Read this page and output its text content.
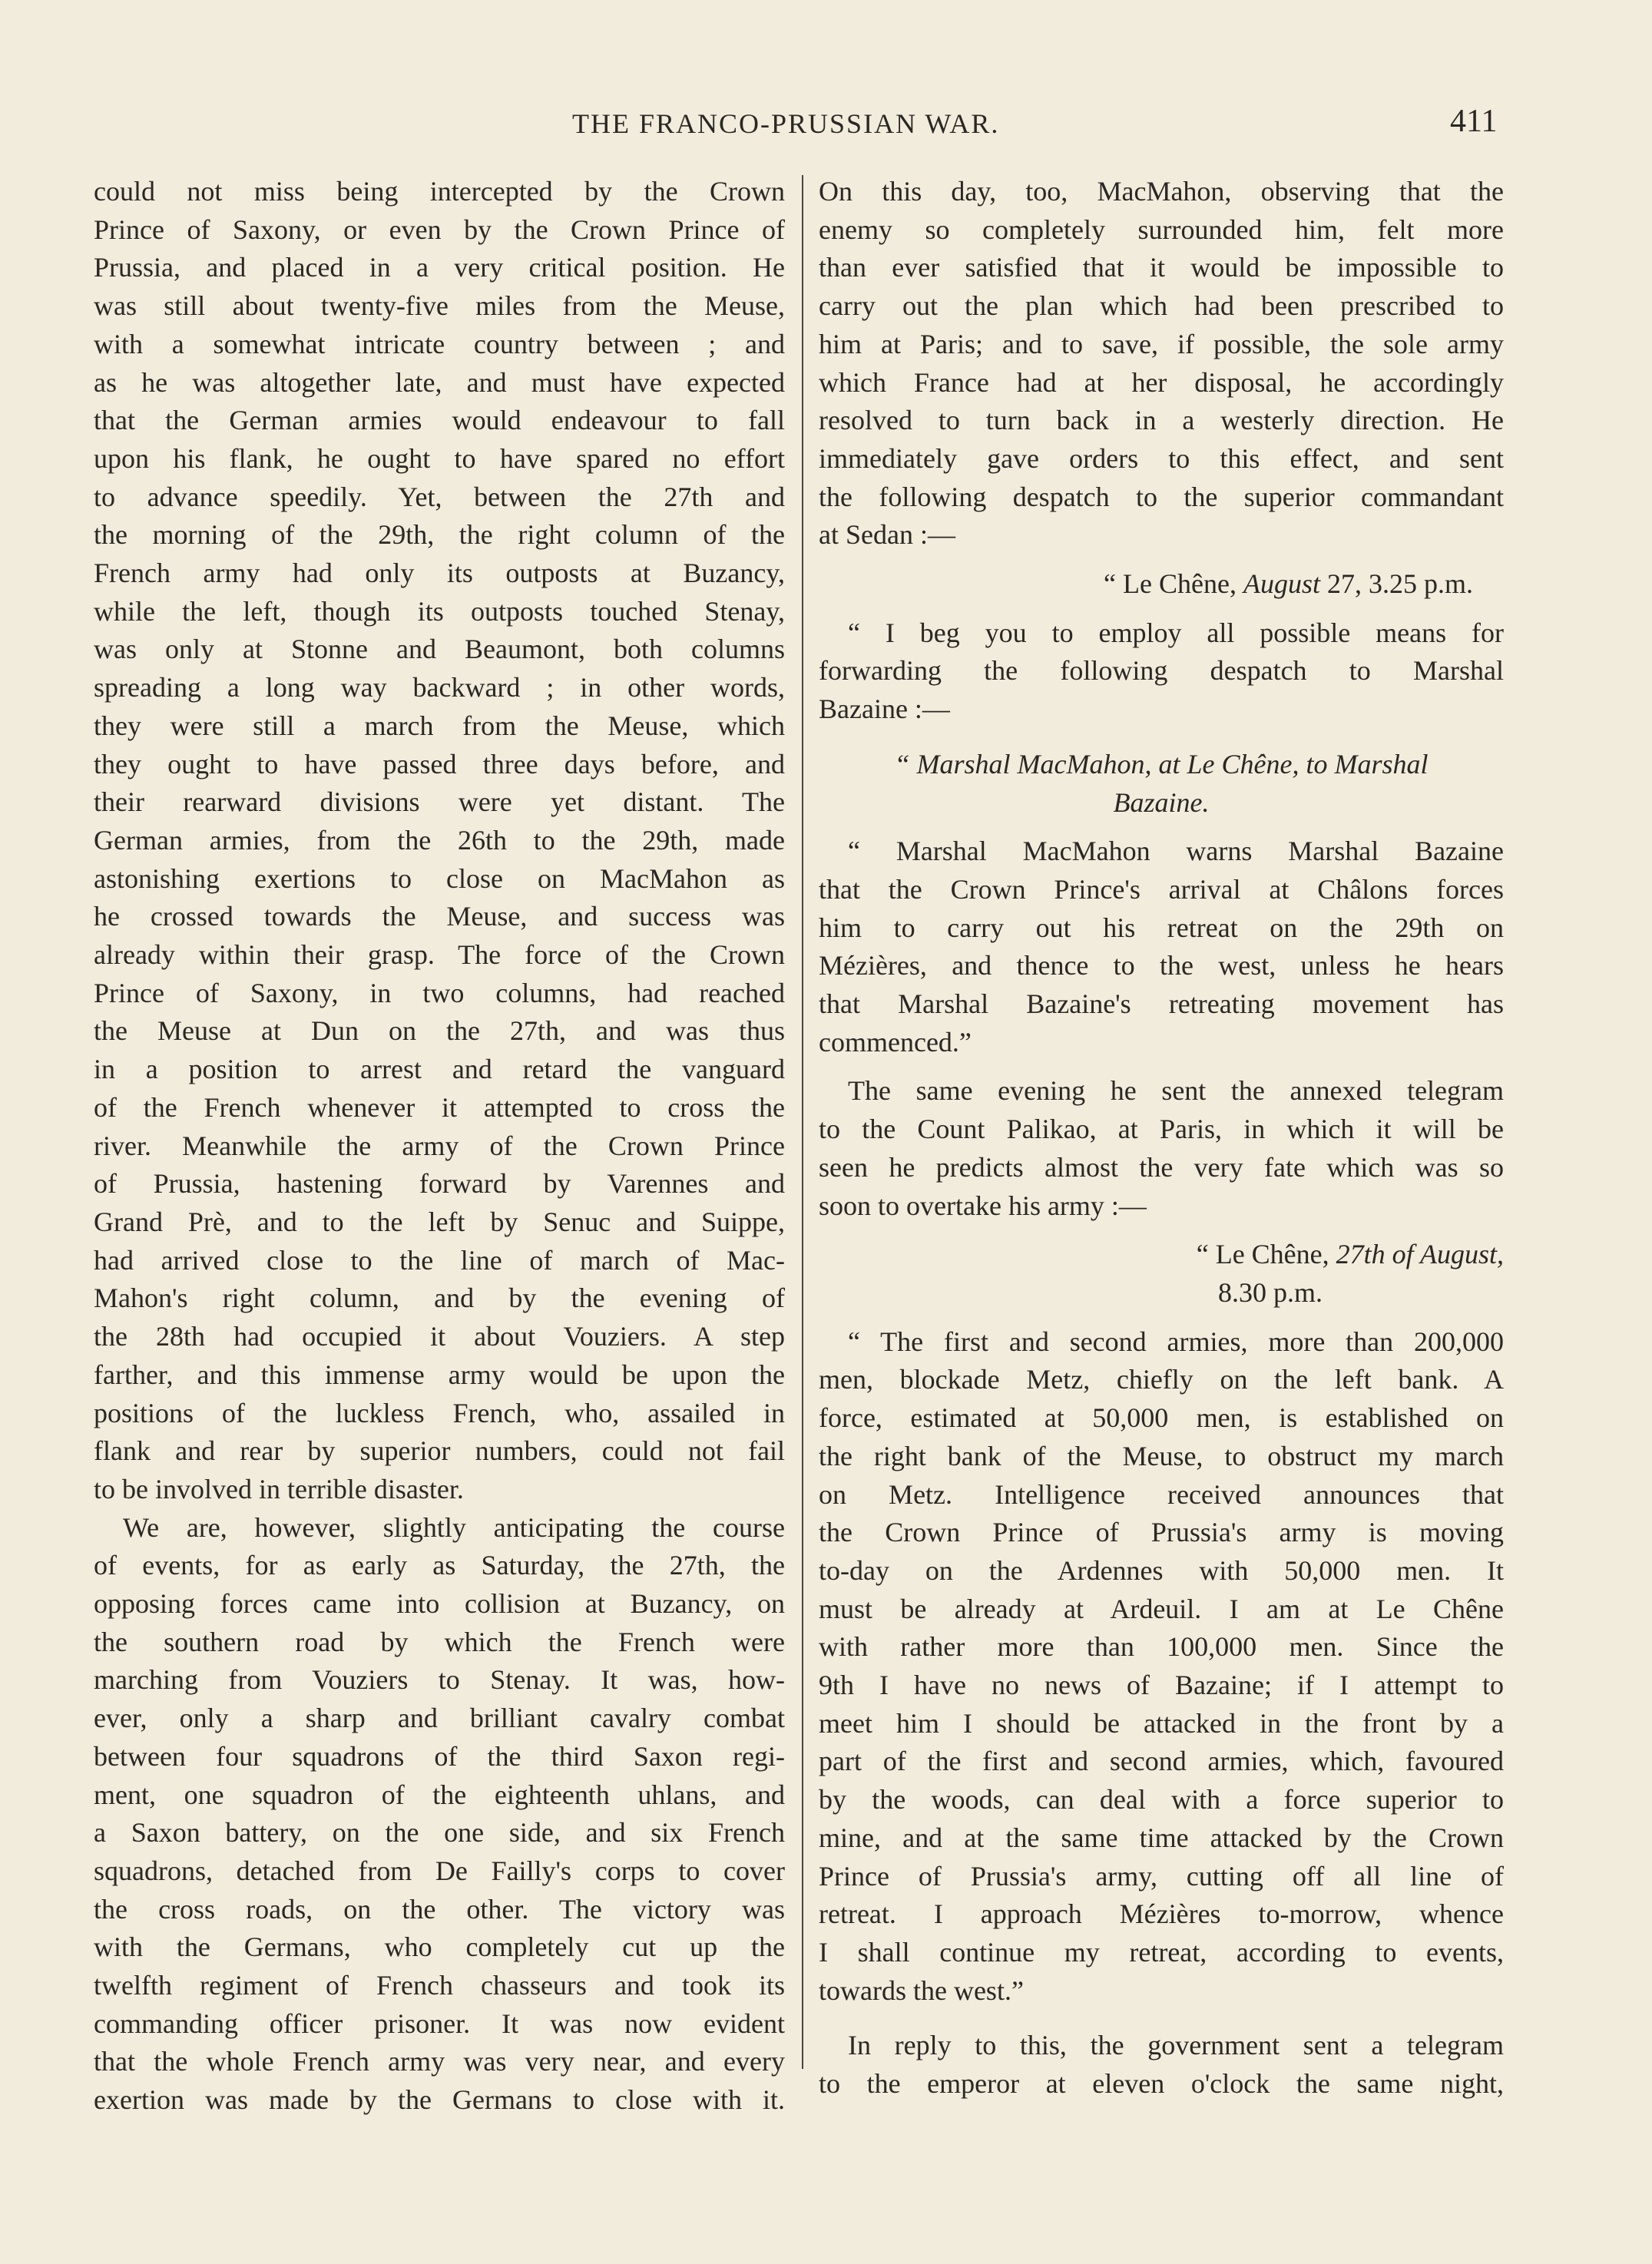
THE FRANCO-PRUSSIAN WAR.	411
could not miss being intercepted by the Crown
Prince of Saxony, or even by the Crown Prince of
Prussia, and placed in a very critical position. He
was still about twenty-five miles from the Meuse,
with a somewhat intricate country between ; and
as he was altogether late, and must have expected
that the German armies would endeavour to fall
upon his flank, he ought to have spared no effort
to advance speedily. Yet, between the 27th and
the morning of the 29th, the right column of the
French army had only its outposts at Buzancy,
while the left, though its outposts touched Stenay,
was only at Stonne and Beaumont, both columns
spreading a long way backward ; in other words,
they were still a march from the Meuse, which
they ought to have passed three days before, and
their rearward divisions were yet distant. The
German armies, from the 26th to the 29th, made
astonishing exertions to close on MacMahon as
he crossed towards the Meuse, and success was
already within their grasp. The force of the Crown
Prince of Saxony, in two columns, had reached
the Meuse at Dun on the 27th, and was thus
in a position to arrest and retard the vanguard
of the French whenever it attempted to cross the
river. Meanwhile the army of the Crown Prince
of Prussia, hastening forward by Varennes and
Grand Prè, and to the left by Senuc and Suippe,
had arrived close to the line of march of Mac-
Mahon's right column, and by the evening of
the 28th had occupied it about Vouziers. A step
farther, and this immense army would be upon the
positions of the luckless French, who, assailed in
flank and rear by superior numbers, could not fail
to be involved in terrible disaster.
We are, however, slightly anticipating the course
of events, for as early as Saturday, the 27th, the
opposing forces came into collision at Buzancy, on
the southern road by which the French were
marching from Vouziers to Stenay. It was, how-
ever, only a sharp and brilliant cavalry combat
between four squadrons of the third Saxon regi-
ment, one squadron of the eighteenth uhlans, and
a Saxon battery, on the one side, and six French
squadrons, detached from De Failly's corps to cover
the cross roads, on the other. The victory was
with the Germans, who completely cut up the
twelfth regiment of French chasseurs and took its
commanding officer prisoner. It was now evident
that the whole French army was very near, and every
exertion was made by the Germans to close with it.
On this day, too, MacMahon, observing that the
enemy so completely surrounded him, felt more
than ever satisfied that it would be impossible to
carry out the plan which had been prescribed to
him at Paris; and to save, if possible, the sole army
which France had at her disposal, he accordingly
resolved to turn back in a westerly direction. He
immediately gave orders to this effect, and sent
the following despatch to the superior commandant
at Sedan :—
“ Le Chêne, August 27, 3.25 p.m.
“ I beg you to employ all possible means for
forwarding the following despatch to Marshal
Bazaine :—
“ Marshal MacMahon, at Le Chêne, to Marshal
Bazaine.
“ Marshal MacMahon warns Marshal Bazaine
that the Crown Prince's arrival at Châlons forces
him to carry out his retreat on the 29th on
Mézières, and thence to the west, unless he hears
that Marshal Bazaine's retreating movement has
commenced.”
The same evening he sent the annexed telegram
to the Count Palikao, at Paris, in which it will be
seen he predicts almost the very fate which was so
soon to overtake his army :—
“ Le Chêne, 27th of August,
8.30 p.m.
“ The first and second armies, more than 200,000
men, blockade Metz, chiefly on the left bank. A
force, estimated at 50,000 men, is established on
the right bank of the Meuse, to obstruct my march
on Metz. Intelligence received announces that
the Crown Prince of Prussia's army is moving
to-day on the Ardennes with 50,000 men. It
must be already at Ardeuil. I am at Le Chêne
with rather more than 100,000 men. Since the
9th I have no news of Bazaine; if I attempt to
meet him I should be attacked in the front by a
part of the first and second armies, which, favoured
by the woods, can deal with a force superior to
mine, and at the same time attacked by the Crown
Prince of Prussia's army, cutting off all line of
retreat. I approach Mézières to-morrow, whence
I shall continue my retreat, according to events,
towards the west.”
In reply to this, the government sent a telegram
to the emperor at eleven o'clock the same night,
